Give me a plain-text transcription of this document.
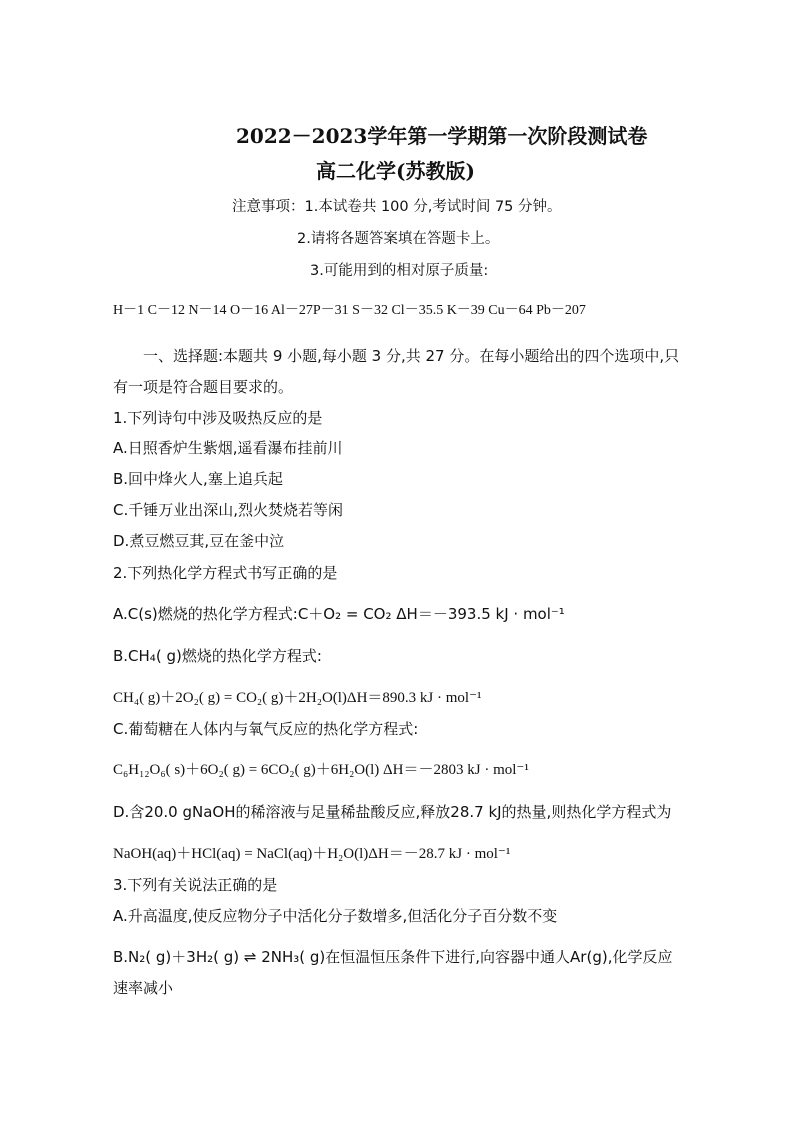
2022－2023学年第一学期第一次阶段测试卷
高二化学(苏教版)
注意事项：1.本试卷共 100 分,考试时间 75 分钟。
2.请将各题答案填在答题卡上。
3.可能用到的相对原子质量:
H－1 C－12 N－14 O－16 Al－27P－31 S－32 Cl－35.5 K－39 Cu－64 Pb－207
一、选择题:本题共 9 小题,每小题 3 分,共 27 分。在每小题给出的四个选项中,只
有一项是符合题目要求的。
1.下列诗句中涉及吸热反应的是
A.日照香炉生紫烟,遥看瀑布挂前川
B.回中烽火人,塞上追兵起
C.千锤万业出深山,烈火焚烧若等闲
D.煮豆燃豆萁,豆在釜中泣
2.下列热化学方程式书写正确的是
A.C(s)燃烧的热化学方程式:C＋O₂ = CO₂ ΔH＝－393.5 kJ · mol⁻¹
B.CH₄( g)燃烧的热化学方程式:
CH₄( g)＋2O₂( g) = CO₂( g)＋2H₂O(l)ΔH＝890.3 kJ · mol⁻¹
C.葡萄糖在人体内与氧气反应的热化学方程式:
C₆H₁₂O₆( s)＋6O₂( g) = 6CO₂( g)＋6H₂O(l) ΔH＝－2803 kJ · mol⁻¹
D.含20.0 gNaOH的稀溶液与足量稀盐酸反应,释放28.7 kJ的热量,则热化学方程式为
NaOH(aq)＋HCl(aq) = NaCl(aq)＋H₂O(l)ΔH＝－28.7 kJ · mol⁻¹
3.下列有关说法正确的是
A.升高温度,使反应物分子中活化分子数增多,但活化分子百分数不变
B.N₂( g)＋3H₂( g) ⇌ 2NH₃( g)在恒温恒压条件下进行,向容器中通人Ar(g),化学反应
速率减小
